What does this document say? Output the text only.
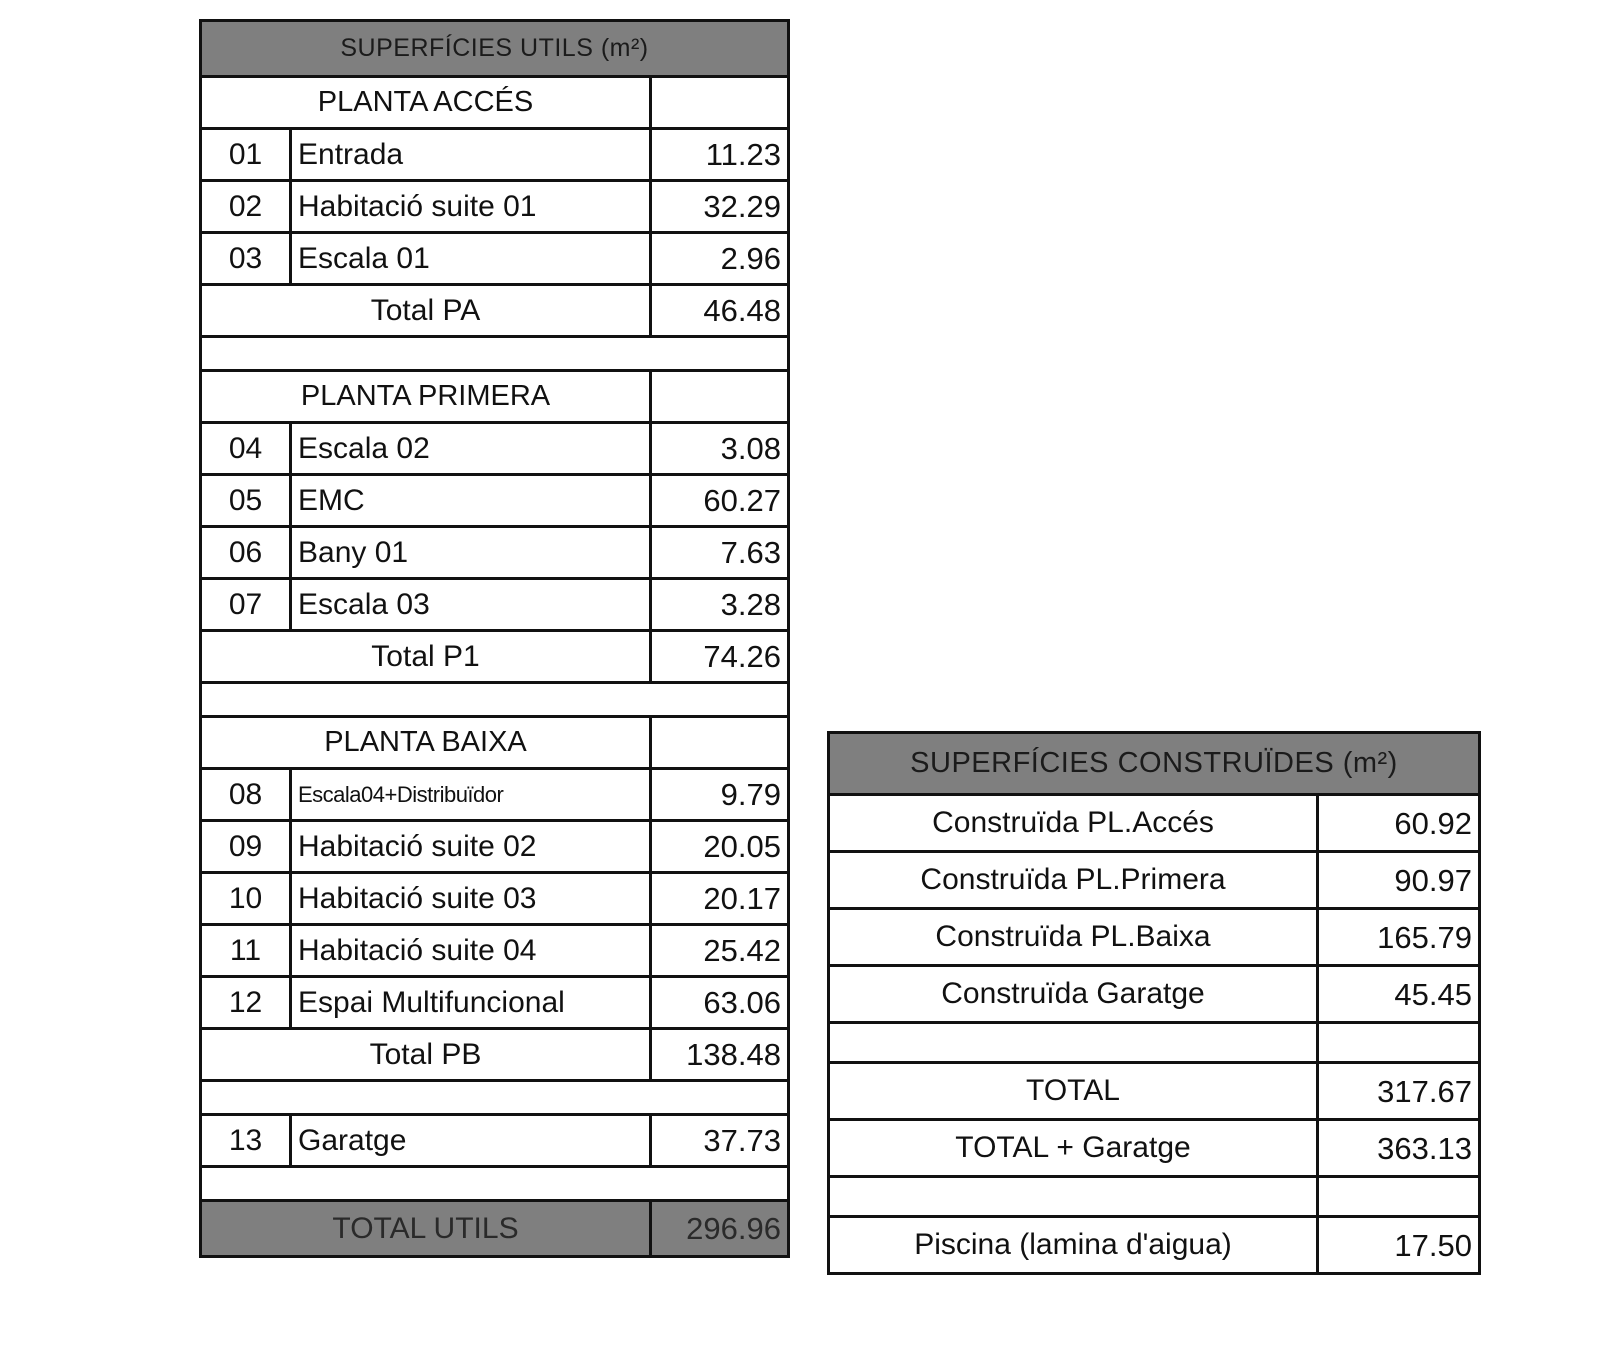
SUPERFÍCIES UTILS (m²)		
PLANTA ACCÉS		
01	Entrada	11.23
02	Habitació suite 01	32.29
03	Escala 01	2.96
Total PA		46.48

PLANTA PRIMERA		
04	Escala 02	3.08
05	EMC	60.27
06	Bany 01	7.63
07	Escala 03	3.28
Total P1		74.26

PLANTA BAIXA		
08	Escala04+Distribuïdor	9.79
09	Habitació suite 02	20.05
10	Habitació suite 03	20.17
11	Habitació suite 04	25.42
12	Espai Multifuncional	63.06
Total PB		138.48

13	Garatge	37.73

TOTAL UTILS		296.96
SUPERFÍCIES CONSTRUÏDES (m²)	
Construïda PL.Accés	60.92
Construïda PL.Primera	90.97
Construïda PL.Baixa	165.79
Construïda Garatge	45.45

TOTAL	317.67
TOTAL + Garatge	363.13

Piscina (lamina d'aigua)	17.50
